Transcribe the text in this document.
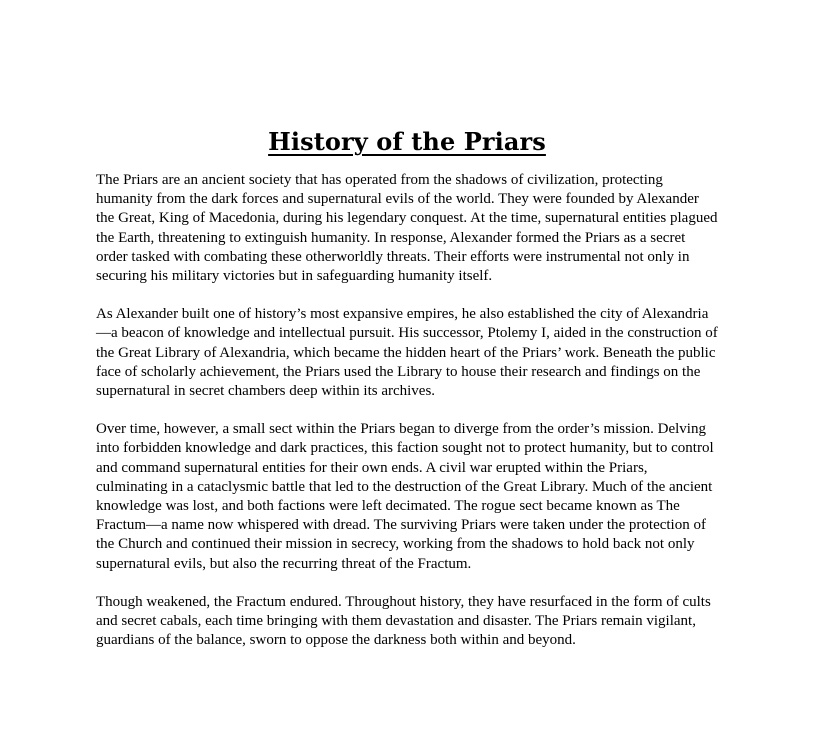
History of the Priars

The Priars are an ancient society that has operated from the shadows of civilization, protecting humanity from the dark forces and supernatural evils of the world. They were founded by Alexander the Great, King of Macedonia, during his legendary conquest. At the time, supernatural entities plagued the Earth, threatening to extinguish humanity. In response, Alexander formed the Priars as a secret order tasked with combating these otherworldly threats. Their efforts were instrumental not only in securing his military victories but in safeguarding humanity itself.

As Alexander built one of history’s most expansive empires, he also established the city of Alexandria—a beacon of knowledge and intellectual pursuit. His successor, Ptolemy I, aided in the construction of the Great Library of Alexandria, which became the hidden heart of the Priars’ work. Beneath the public face of scholarly achievement, the Priars used the Library to house their research and findings on the supernatural in secret chambers deep within its archives.

Over time, however, a small sect within the Priars began to diverge from the order’s mission. Delving into forbidden knowledge and dark practices, this faction sought not to protect humanity, but to control and command supernatural entities for their own ends. A civil war erupted within the Priars, culminating in a cataclysmic battle that led to the destruction of the Great Library. Much of the ancient knowledge was lost, and both factions were left decimated. The rogue sect became known as The Fractum—a name now whispered with dread. The surviving Priars were taken under the protection of the Church and continued their mission in secrecy, working from the shadows to hold back not only supernatural evils, but also the recurring threat of the Fractum.

Though weakened, the Fractum endured. Throughout history, they have resurfaced in the form of cults and secret cabals, each time bringing with them devastation and disaster. The Priars remain vigilant, guardians of the balance, sworn to oppose the darkness both within and beyond.
